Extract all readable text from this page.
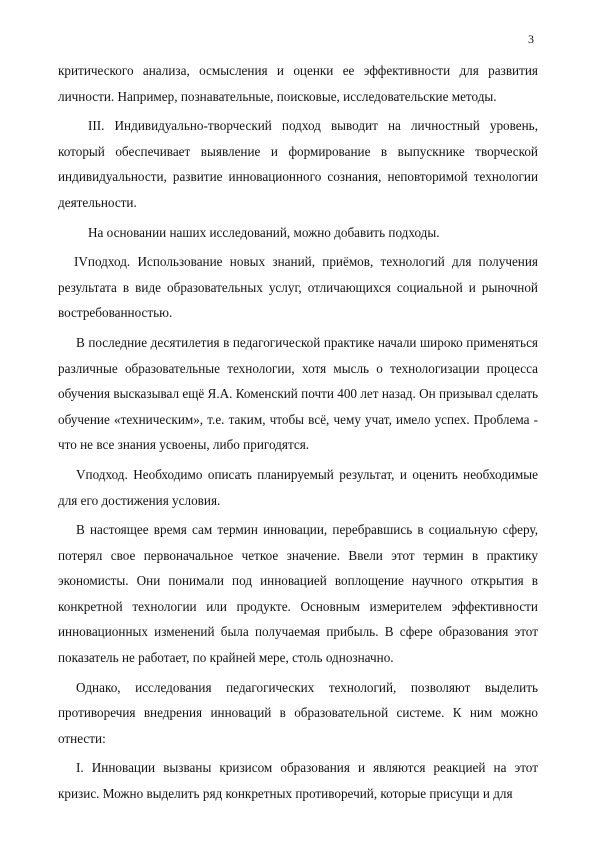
3

критического анализа, осмысления и оценки ее эффективности для развития личности. Например, познавательные, поисковые, исследовательские методы.

III. Индивидуально-творческий подход выводит на личностный уровень, который обеспечивает выявление и формирование в выпускнике творческой индивидуальности, развитие инновационного сознания, неповторимой технологии деятельности.

На основании наших исследований, можно добавить подходы.

IVподход. Использование новых знаний, приёмов, технологий для получения результата в виде образовательных услуг, отличающихся социальной и рыночной востребованностью.

В последние десятилетия в педагогической практике начали широко применяться различные образовательные технологии, хотя мысль о технологизации процесса обучения высказывал ещё Я.А. Коменский почти 400 лет назад. Он призывал сделать обучение «техническим», т.е. таким, чтобы всё, чему учат, имело успех. Проблема - что не все знания усвоены, либо пригодятся.

Vподход. Необходимо описать планируемый результат, и оценить необходимые для его достижения условия.

В настоящее время сам термин инновации, перебравшись в социальную сферу, потерял свое первоначальное четкое значение. Ввели этот термин в практику экономисты. Они понимали под инновацией воплощение научного открытия в конкретной технологии или продукте. Основным измерителем эффективности инновационных изменений была получаемая прибыль. В сфере образования этот показатель не работает, по крайней мере, столь однозначно.

Однако, исследования педагогических технологий, позволяют выделить противоречия внедрения инноваций в образовательной системе. К ним можно отнести:

I. Инновации вызваны кризисом образования и являются реакцией на этот кризис. Можно выделить ряд конкретных противоречий, которые присущи и для
